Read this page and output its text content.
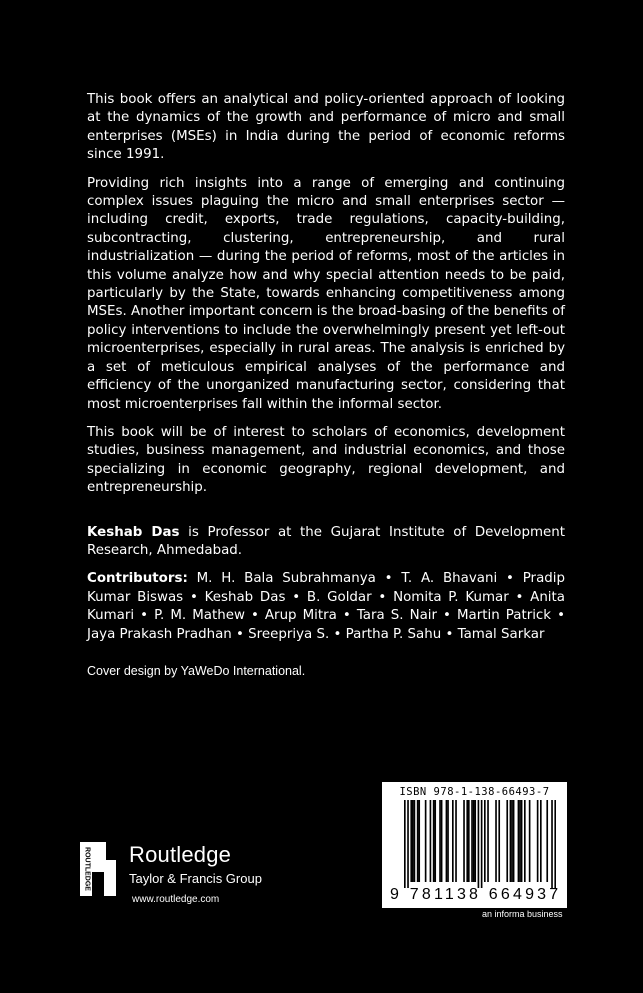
This book offers an analytical and policy-oriented approach of looking at the dynamics of the growth and performance of micro and small enterprises (MSEs) in India during the period of economic reforms since 1991.

Providing rich insights into a range of emerging and continuing complex issues plaguing the micro and small enterprises sector — including credit, exports, trade regulations, capacity-building, subcontracting, clustering, entrepreneurship, and rural industrialization — during the period of reforms, most of the articles in this volume analyze how and why special attention needs to be paid, particularly by the State, towards enhancing competitiveness among MSEs. Another important concern is the broad-basing of the benefits of policy interventions to include the overwhelmingly present yet left-out microenterprises, especially in rural areas. The analysis is enriched by a set of meticulous empirical analyses of the performance and efficiency of the unorganized manufacturing sector, considering that most microenterprises fall within the informal sector.

This book will be of interest to scholars of economics, development studies, business management, and industrial economics, and those specializing in economic geography, regional development, and entrepreneurship.

Keshab Das is Professor at the Gujarat Institute of Development Research, Ahmedabad.

Contributors: M. H. Bala Subrahmanya • T. A. Bhavani • Pradip Kumar Biswas • Keshab Das • B. Goldar • Nomita P. Kumar • Anita Kumari • P. M. Mathew • Arup Mitra • Tara S. Nair • Martin Patrick • Jaya Prakash Pradhan • Sreepriya S. • Partha P. Sahu • Tamal Sarkar

Cover design by YaWeDo International.
ROUTLEDGE Routledge
Taylor & Francis Group
www.routledge.com
ISBN 978-1-138-66493-7
9 781138 664937
an informa business
